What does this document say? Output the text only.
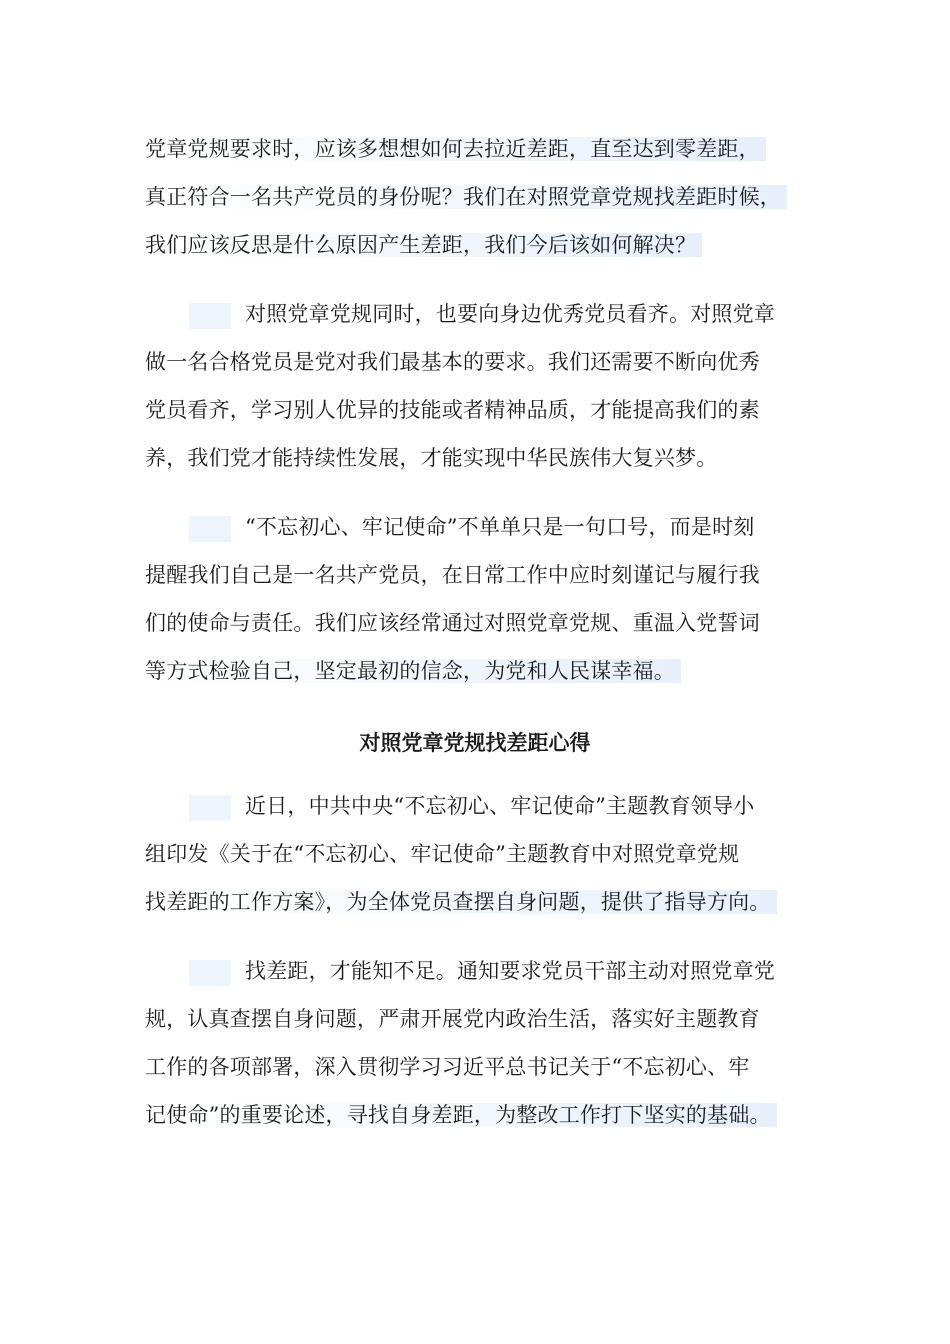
党章党规要求时，应该多想想如何去拉近差距，直至达到零差距，
真正符合一名共产党员的身份呢？我们在对照党章党规找差距时候，
我们应该反思是什么原因产生差距，我们今后该如何解决？
对照党章党规同时，也要向身边优秀党员看齐。对照党章
做一名合格党员是党对我们最基本的要求。我们还需要不断向优秀
党员看齐，学习别人优异的技能或者精神品质，才能提高我们的素
养，我们党才能持续性发展，才能实现中华民族伟大复兴梦。
“不忘初心、牢记使命”不单单只是一句口号，而是时刻
提醒我们自己是一名共产党员，在日常工作中应时刻谨记与履行我
们的使命与责任。我们应该经常通过对照党章党规、重温入党誓词
等方式检验自己，坚定最初的信念，为党和人民谋幸福。
对照党章党规找差距心得
近日，中共中央“不忘初心、牢记使命”主题教育领导小
组印发《关于在“不忘初心、牢记使命”主题教育中对照党章党规
找差距的工作方案》，为全体党员查摆自身问题，提供了指导方向。
找差距，才能知不足。通知要求党员干部主动对照党章党
规，认真查摆自身问题，严肃开展党内政治生活，落实好主题教育
工作的各项部署，深入贯彻学习习近平总书记关于“不忘初心、牢
记使命”的重要论述，寻找自身差距，为整改工作打下坚实的基础。
